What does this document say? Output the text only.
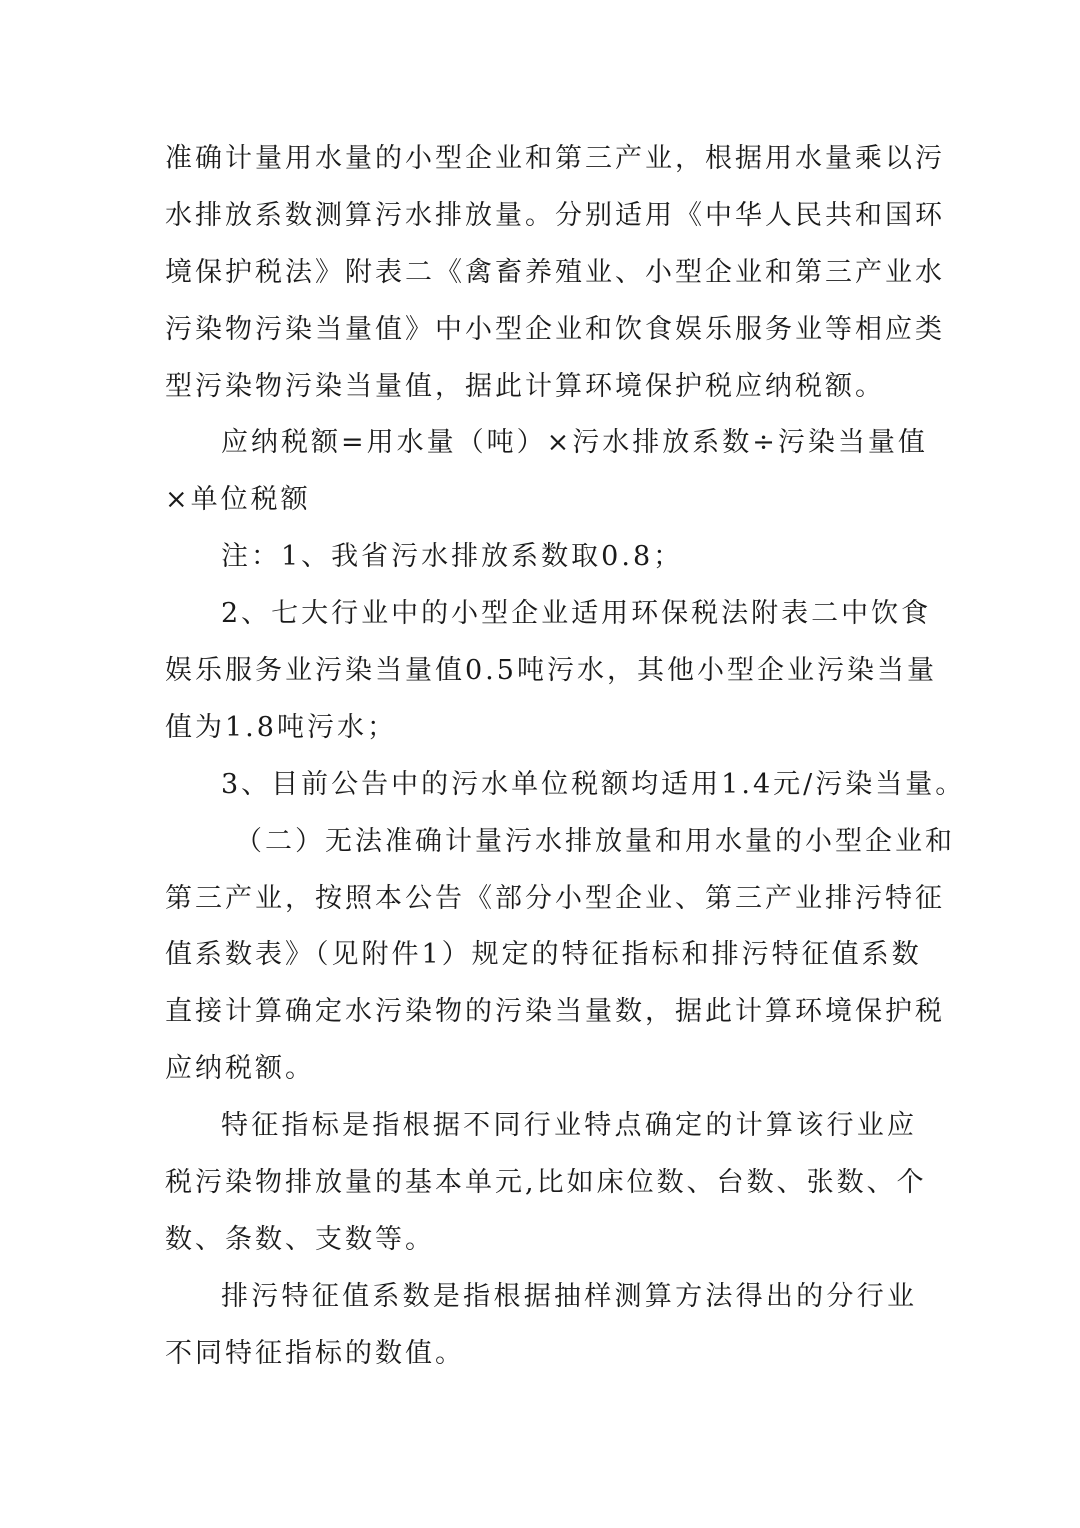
准确计量用水量的小型企业和第三产业，根据用水量乘以污
水排放系数测算污水排放量。分别适用《中华人民共和国环
境保护税法》附表二《禽畜养殖业、小型企业和第三产业水
污染物污染当量值》中小型企业和饮食娱乐服务业等相应类
型污染物污染当量值，据此计算环境保护税应纳税额。
应纳税额=用水量（吨）×污水排放系数÷污染当量值
×单位税额
注：1、我省污水排放系数取0.8；
2、七大行业中的小型企业适用环保税法附表二中饮食
娱乐服务业污染当量值0.5吨污水，其他小型企业污染当量
值为1.8吨污水；
3、目前公告中的污水单位税额均适用1.4元/污染当量。
（二）无法准确计量污水排放量和用水量的小型企业和
第三产业，按照本公告《部分小型企业、第三产业排污特征
值系数表》（见附件1）规定的特征指标和排污特征值系数
直接计算确定水污染物的污染当量数，据此计算环境保护税
应纳税额。
特征指标是指根据不同行业特点确定的计算该行业应
税污染物排放量的基本单元,比如床位数、台数、张数、个
数、条数、支数等。
排污特征值系数是指根据抽样测算方法得出的分行业
不同特征指标的数值。
